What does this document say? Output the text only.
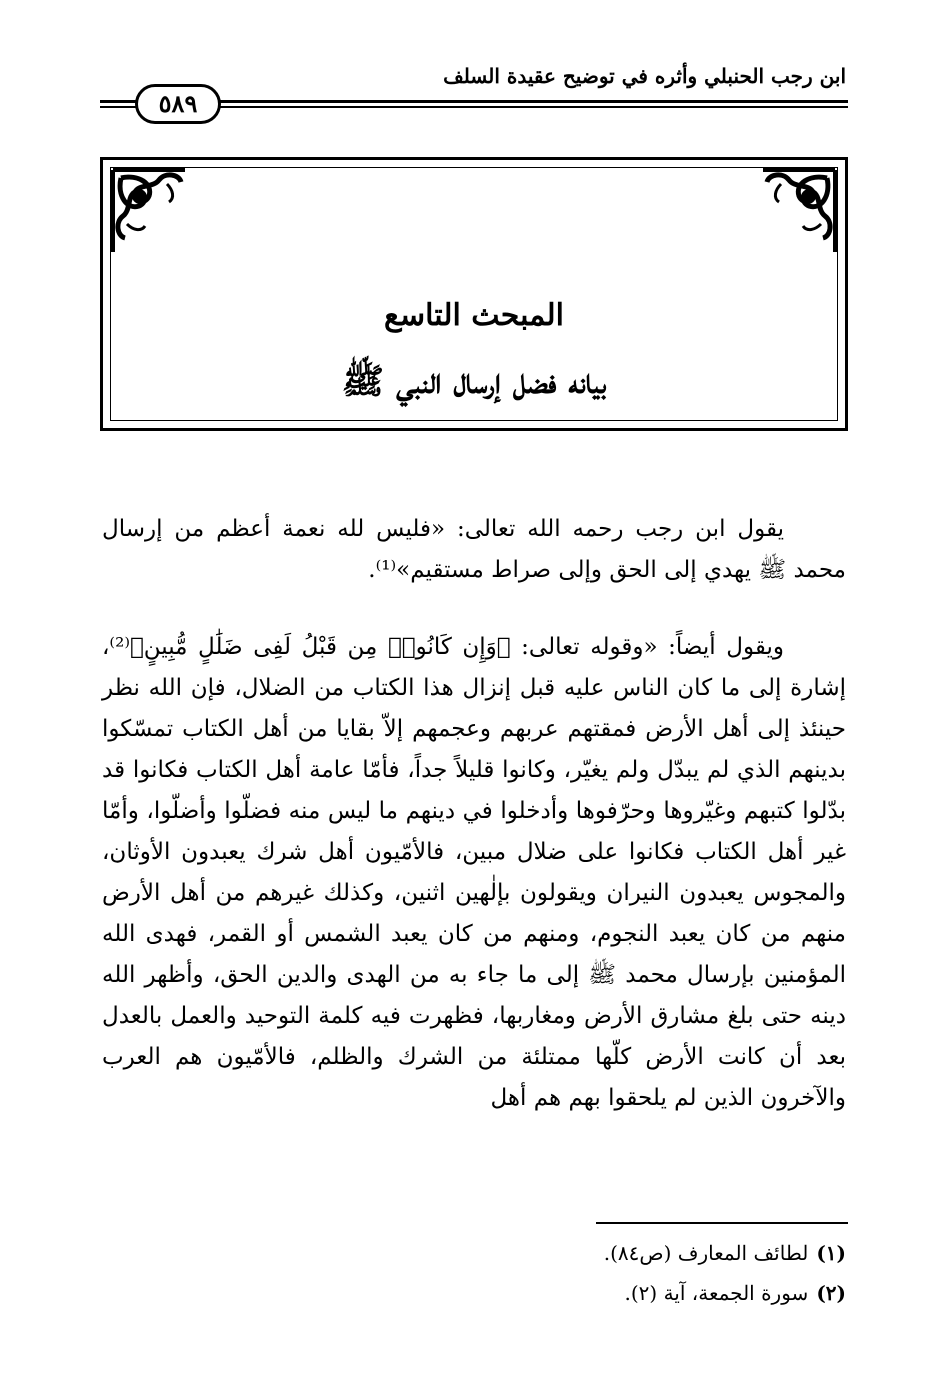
ابن رجب الحنبلي وأثره في توضيح عقيدة السلف
٥٨٩
المبحث التاسع
بيانه فضل إرسال النبي ﷺ

يقول ابن رجب رحمه الله تعالى: «فليس لله نعمة أعظم من إرسال محمد ﷺ يهدي إلى الحق وإلى صراط مستقيم»⁽¹⁾.

ويقول أيضاً: «وقوله تعالى: ﴿وَإِن كَانُوا۟ مِن قَبْلُ لَفِى ضَلَٰلٍ مُّبِينٍ﴾⁽²⁾، إشارة إلى ما كان الناس عليه قبل إنزال هذا الكتاب من الضلال، فإن الله نظر حينئذ إلى أهل الأرض فمقتهم عربهم وعجمهم إلاّ بقايا من أهل الكتاب تمسّكوا بدينهم الذي لم يبدّل ولم يغيّر، وكانوا قليلاً جداً، فأمّا عامة أهل الكتاب فكانوا قد بدّلوا كتبهم وغيّروها وحرّفوها وأدخلوا في دينهم ما ليس منه فضلّوا وأضلّوا، وأمّا غير أهل الكتاب فكانوا على ضلال مبين، فالأمّيون أهل شرك يعبدون الأوثان، والمجوس يعبدون النيران ويقولون بإلٰهين اثنين، وكذلك غيرهم من أهل الأرض منهم من كان يعبد النجوم، ومنهم من كان يعبد الشمس أو القمر، فهدى الله المؤمنين بإرسال محمد ﷺ إلى ما جاء به من الهدى والدين الحق، وأظهر الله دينه حتى بلغ مشارق الأرض ومغاربها، فظهرت فيه كلمة التوحيد والعمل بالعدل بعد أن كانت الأرض كلّها ممتلئة من الشرك والظلم، فالأمّيون هم العرب والآخرون الذين لم يلحقوا بهم هم أهل

(١)لطائف المعارف (ص٨٤).
(٢)سورة الجمعة، آية (٢).
